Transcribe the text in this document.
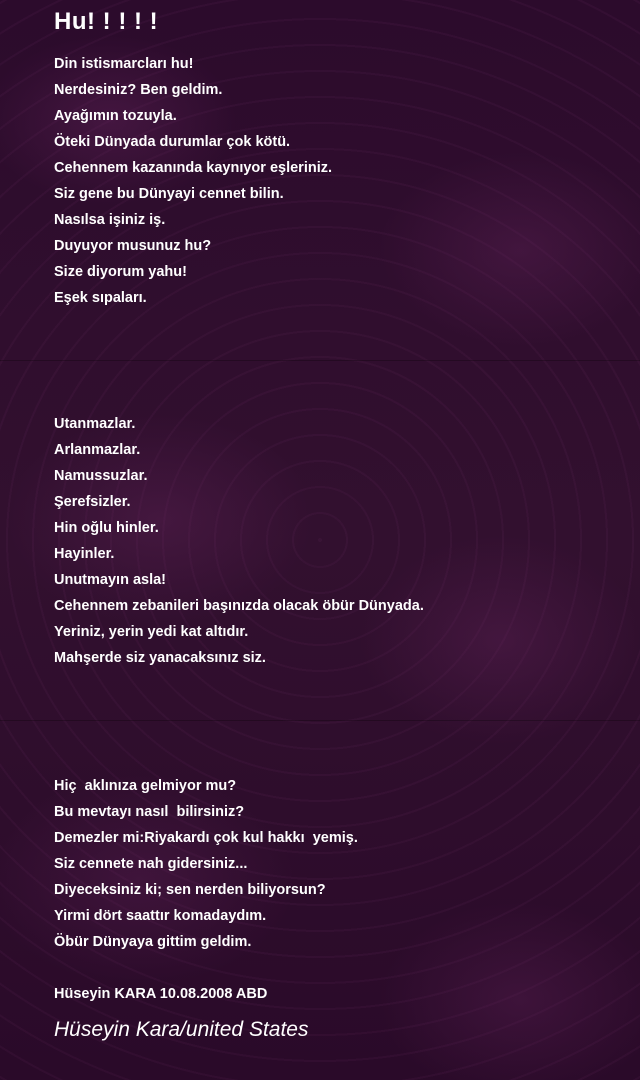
Hu! ! ! ! !
Din istismarcları hu!
Nerdesiniz? Ben geldim.
Ayağımın tozuyla.
Öteki Dünyada durumlar çok kötü.
Cehennem kazanında kaynıyor eşleriniz.
Siz gene bu Dünyayi cennet bilin.
Nasılsa işiniz iş.
Duyuyor musunuz hu?
Size diyorum yahu!
Eşek sıpaları.
Utanmazlar.
Arlanmazlar.
Namussuzlar.
Şerefsizler.
Hin oğlu hinler.
Hayinler.
Unutmayın asla!
Cehennem zebanileri başınızda olacak öbür Dünyada.
Yeriniz, yerin yedi kat altıdır.
Mahşerde siz yanacaksınız siz.
Hiç  aklınıza gelmiyor mu?
Bu mevtayı nasıl  bilirsiniz?
Demezler mi:Riyakardı çok kul hakkı  yemiş.
Siz cennete nah gidersiniz...
Diyeceksiniz ki; sen nerden biliyorsun?
Yirmi dört saattır komadaydım.
Öbür Dünyaya gittim geldim.
Hüseyin KARA 10.08.2008 ABD
Hüseyin Kara/united States
